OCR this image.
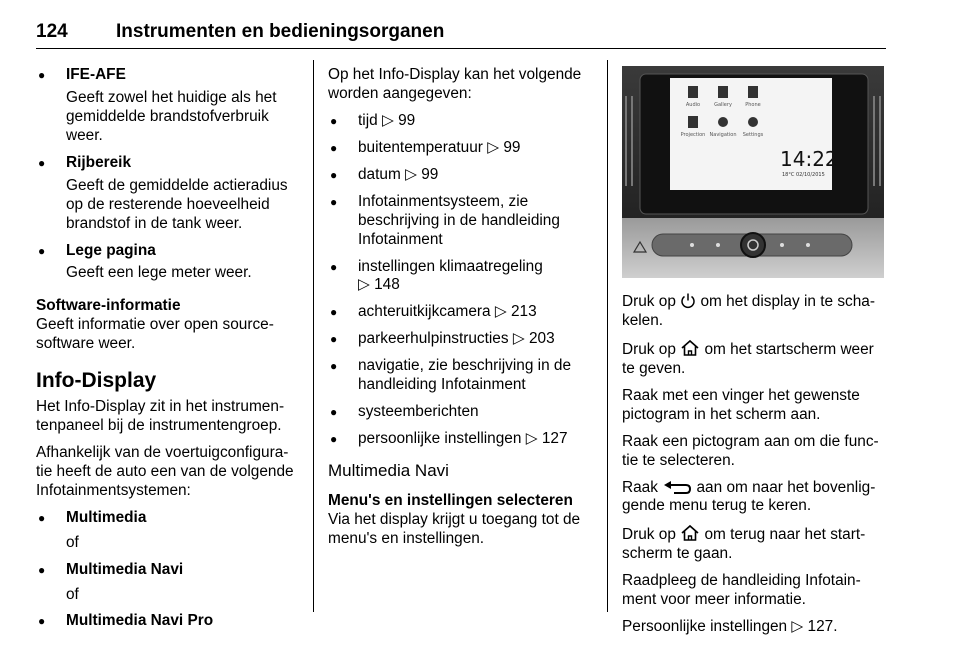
124	Instrumenten en bedieningsorganen
● IFE-AFE
Geeft zowel het huidige als het gemiddelde brandstofverbruik weer.
● Rijbereik
Geeft de gemiddelde actieradius op de resterende hoeveelheid brandstof in de tank weer.
● Lege pagina
Geeft een lege meter weer.

Software-informatie
Geeft informatie over open source-software weer.

Info-Display

Het Info-Display zit in het instrumentenpaneel bij de instrumentengroep.

Afhankelijk van de voertuigconfiguratie heeft de auto een van de volgende Infotainmentsystemen:

● Multimedia
of
● Multimedia Navi
of
● Multimedia Navi Pro

Op het Info-Display kan het volgende worden aangegeven:

● tijd ▷ 99
● buitentemperatuur ▷ 99
● datum ▷ 99
● Infotainmentsysteem, zie beschrijving in de handleiding Infotainment
● instellingen klimaatregeling
▷ 148
● achteruitkijkcamera ▷ 213
● parkeerhulpinstructies ▷ 203
● navigatie, zie beschrijving in de handleiding Infotainment
● systeemberichten
● persoonlijke instellingen ▷ 127
Multimedia Navi

Menu's en instellingen selecteren
Via het display krijgt u toegang tot de menu's en instellingen.

Audio	Gallery	Phone
Projection Navigation Settings
14:22
18°C 02/10/2015

Druk op om het display in te schakelen.

Druk op om het startscherm weer te geven.

Raak met een vinger het gewenste pictogram in het scherm aan.

Raak een pictogram aan om die functie te selecteren.

Raak	aan om naar het bovenliggende menu terug te keren.

Druk op om terug naar het startscherm te gaan.

Raadpleeg de handleiding Infotainment voor meer informatie.

Persoonlijke instellingen ▷ 127.
